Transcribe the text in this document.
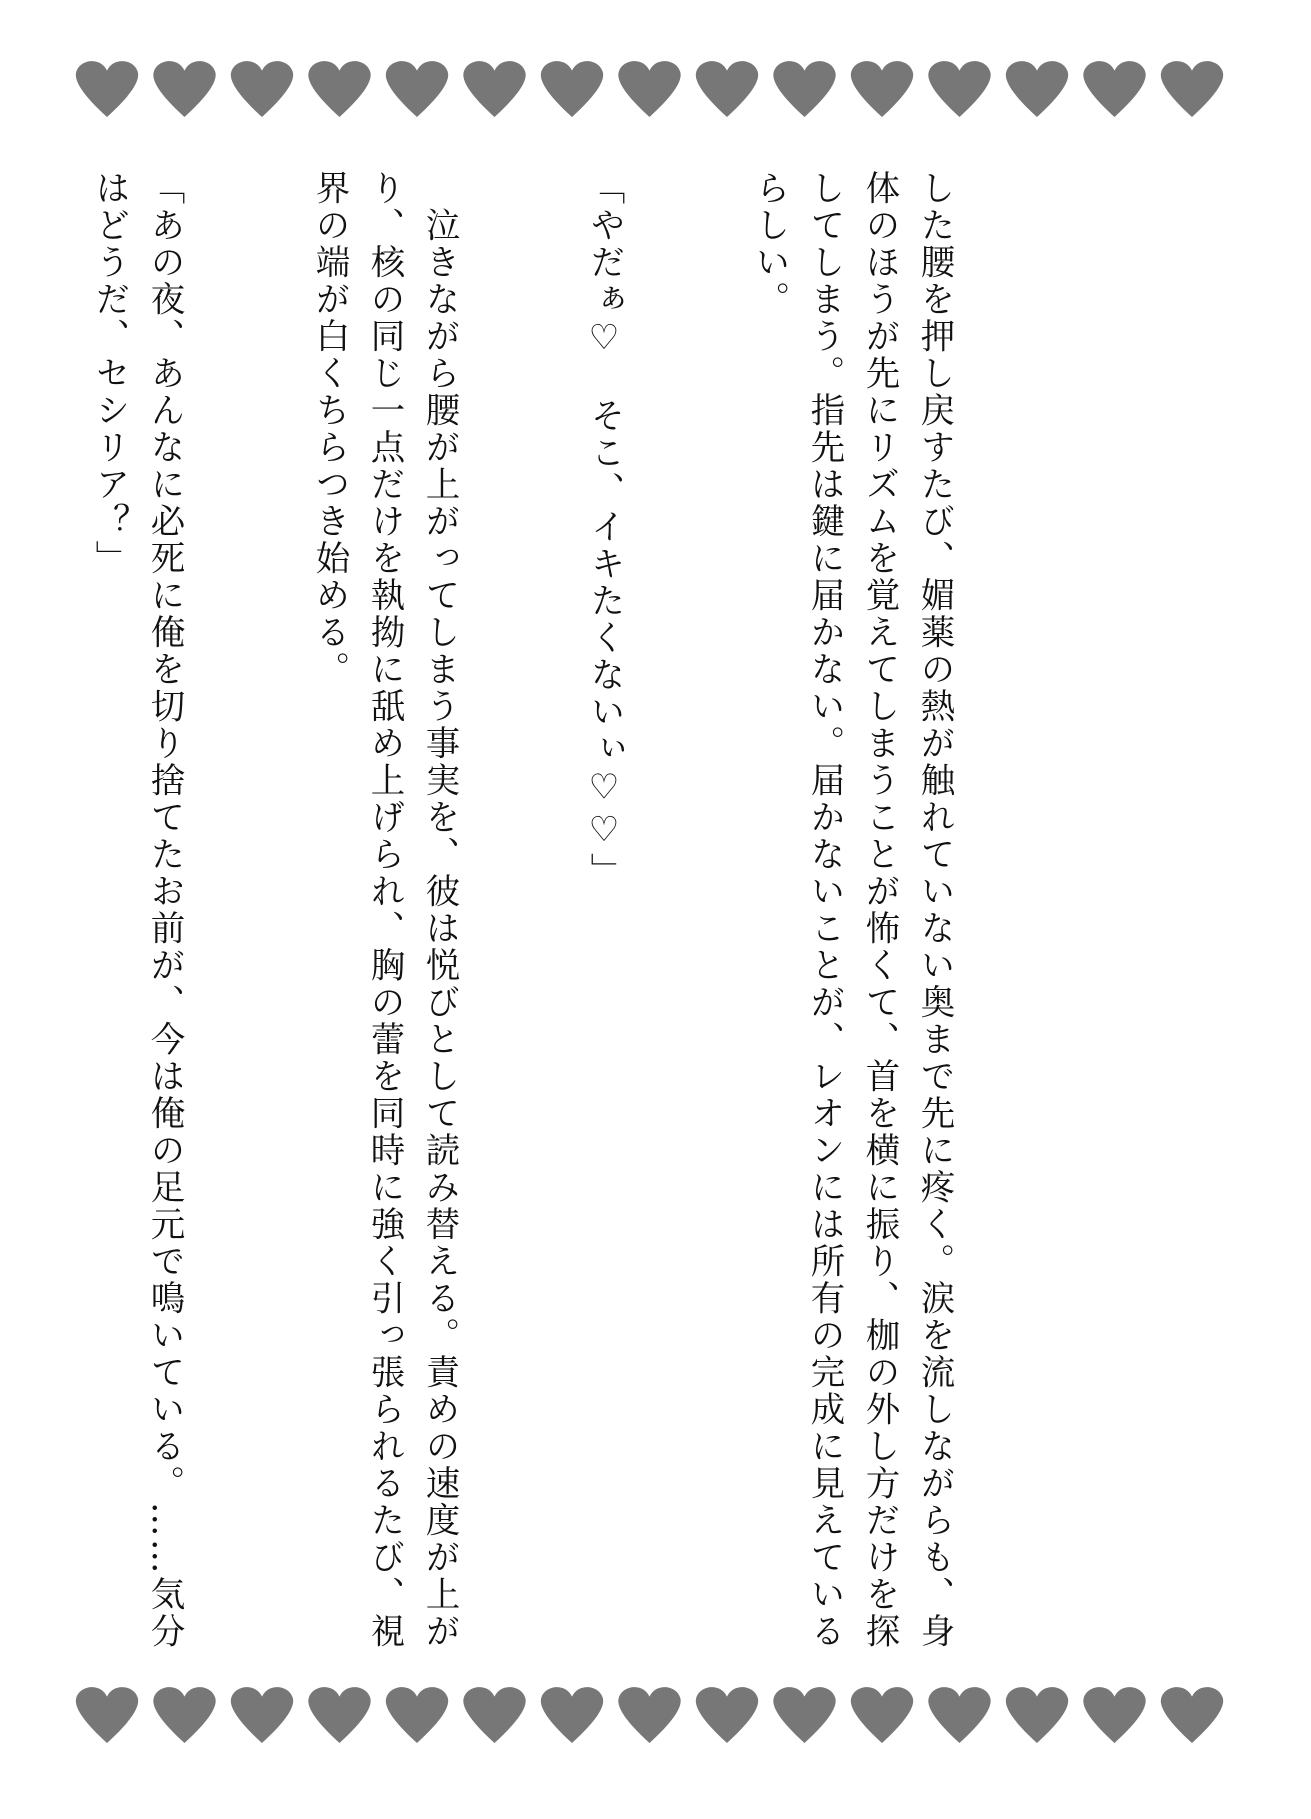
した腰を押し戻すたび、媚薬の熱が触れていない奥まで先に疼く。涙を流しながらも、身体のほうが先にリズムを覚えてしまうことが怖くて、首を横に振り、枷の外し方だけを探してしまう。指先は鍵に届かない。届かないことが、レオンには所有の完成に見えているらしい。

「やだぁ♡　そこ、イキたくないぃ♡♡」

　泣きながら腰が上がってしまう事実を、彼は悦びとして読み替える。責めの速度が上がり、核の同じ一点だけを執拗に舐め上げられ、胸の蕾を同時に強く引っ張られるたび、視界の端が白くちらつき始める。

「あの夜、あんなに必死に俺を切り捨てたお前が、今は俺の足元で鳴いている。……気分はどうだ、セシリア？」
